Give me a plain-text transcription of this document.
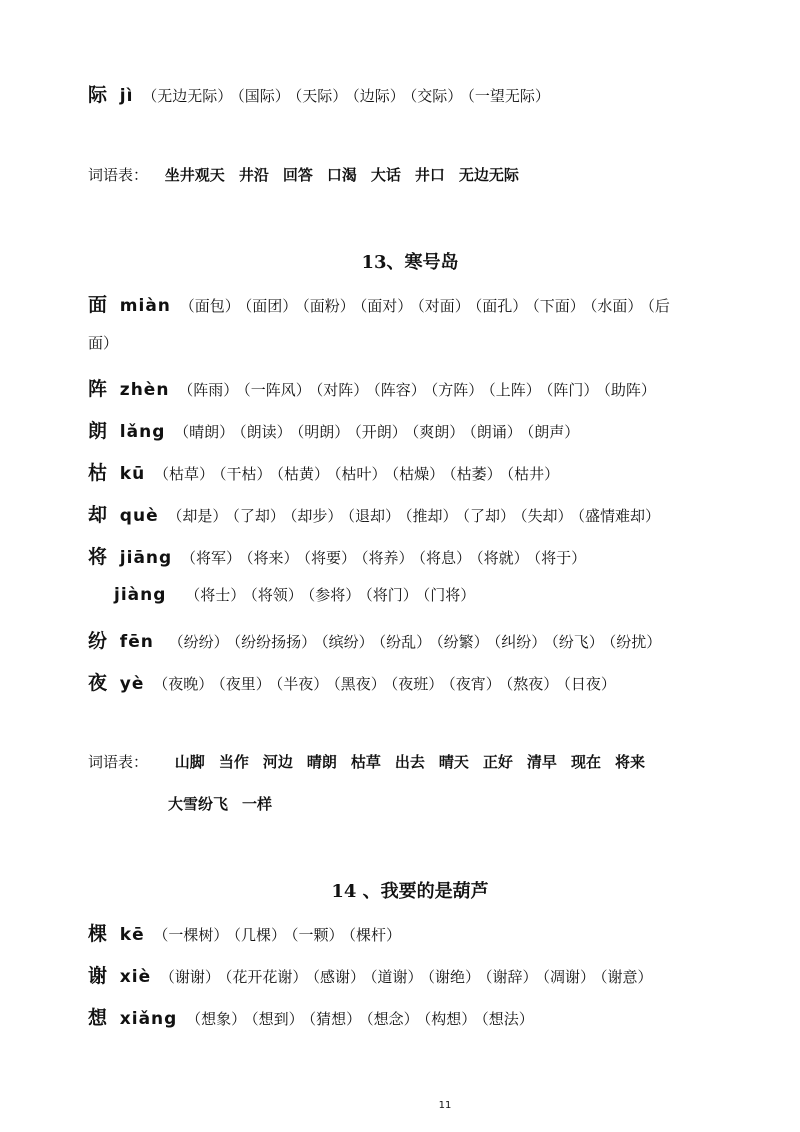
际 jì （无边无际） （国际） （天际） （边际） （交际） （一望无际）
词语表： 坐井观天 井沿 回答 口渴 大话 井口 无边无际
13、寒号岛
面 miàn （面包） （面团） （面粉） （面对） （对面） （面孔） （下面） （水面） （后
面）
阵 zhèn （阵雨） （一阵风） （对阵） （阵容） （方阵） （上阵） （阵门） （助阵）
朗 lǎng （晴朗） （朗读） （明朗） （开朗） （爽朗） （朗诵） （朗声）
枯 kū （枯草） （干枯） （枯黄） （枯叶） （枯燥） （枯萎） （枯井）
却 què （却是） （了却） （却步） （退却） （推却） （了却） （失却） （盛情难却）
将 jiāng （将军） （将来） （将要） （将养） （将息） （将就） （将于）
jiàng （将士） （将领） （参将） （将门） （门将）
纷 fēn （纷纷） （纷纷扬扬） （缤纷） （纷乱） （纷繁） （纠纷） （纷飞） （纷扰）
夜 yè （夜晚） （夜里） （半夜） （黑夜） （夜班） （夜宵） （熬夜） （日夜）
词语表： 山脚 当作 河边 晴朗 枯草 出去 晴天 正好 清早 现在 将来
大雪纷飞 一样
14 、我要的是葫芦
棵 kē （一棵树） （几棵） （一颗） （棵杆）
谢 xiè （谢谢） （花开花谢） （感谢） （道谢） （谢绝） （谢辞） （凋谢） （谢意）
想 xiǎng （想象） （想到） （猜想） （想念） （构想） （想法）
11
